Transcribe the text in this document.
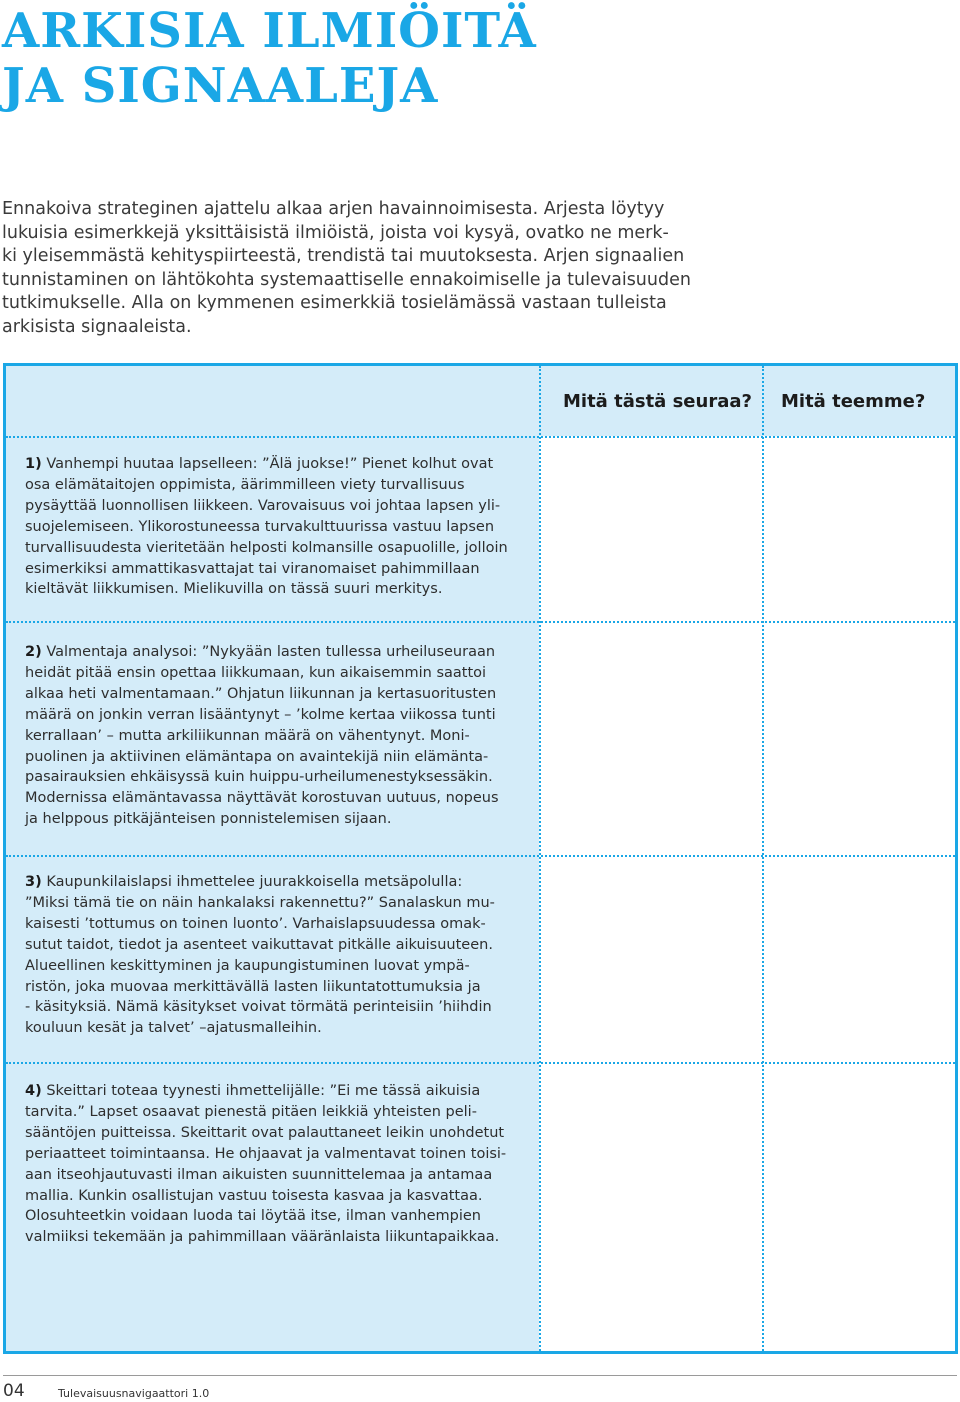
ARKISIA ILMIÖITÄ
JA SIGNAALEJA

Ennakoiva strateginen ajattelu alkaa arjen havainnoimisesta. Arjesta löytyy
lukuisia esimerkkejä yksittäisistä ilmiöistä, joista voi kysyä, ovatko ne merk-
ki yleisemmästä kehityspiirteestä, trendistä tai muutoksesta. Arjen signaalien
tunnistaminen on lähtökohta systemaattiselle ennakoimiselle ja tulevaisuuden
tutkimukselle. Alla on kymmenen esimerkkiä tosielämässä vastaan tulleista
arkisista signaaleista.

Mitä tästä seuraa? Mitä teemme?
1) Vanhempi huutaa lapselleen: ”Älä juokse!” Pienet kolhut ovat
osa elämätaitojen oppimista, äärimmilleen viety turvallisuus
pysäyttää luonnollisen liikkeen. Varovaisuus voi johtaa lapsen yli-
suojelemiseen. Ylikorostuneessa turvakulttuurissa vastuu lapsen
turvallisuudesta vieritetään helposti kolmansille osapuolille, jolloin
esimerkiksi ammattikasvattajat tai viranomaiset pahimmillaan
kieltävät liikkumisen. Mielikuvilla on tässä suuri merkitys.
2) Valmentaja analysoi: ”Nykyään lasten tullessa urheiluseuraan
heidät pitää ensin opettaa liikkumaan, kun aikaisemmin saattoi
alkaa heti valmentamaan.” Ohjatun liikunnan ja kertasuoritusten
määrä on jonkin verran lisääntynyt – ’kolme kertaa viikossa tunti
kerrallaan’ – mutta arkiliikunnan määrä on vähentynyt. Moni-
puolinen ja aktiivinen elämäntapa on avaintekijä niin elämänta-
pasairauksien ehkäisyssä kuin huippu-urheilumenestyksessäkin.
Modernissa elämäntavassa näyttävät korostuvan uutuus, nopeus
ja helppous pitkäjänteisen ponnistelemisen sijaan.
3) Kaupunkilaislapsi ihmettelee juurakkoisella metsäpolulla:
”Miksi tämä tie on näin hankalaksi rakennettu?” Sanalaskun mu-
kaisesti ’tottumus on toinen luonto’. Varhaislapsuudessa omak-
sutut taidot, tiedot ja asenteet vaikuttavat pitkälle aikuisuuteen.
Alueellinen keskittyminen ja kaupungistuminen luovat ympä-
ristön, joka muovaa merkittävällä lasten liikuntatottumuksia ja
- käsityksiä. Nämä käsitykset voivat törmätä perinteisiin ’hiihdin
kouluun kesät ja talvet’ –ajatusmalleihin.
4) Skeittari toteaa tyynesti ihmettelijälle: ”Ei me tässä aikuisia
tarvita.” Lapset osaavat pienestä pitäen leikkiä yhteisten peli-
sääntöjen puitteissa. Skeittarit ovat palauttaneet leikin unohdetut
periaatteet toimintaansa. He ohjaavat ja valmentavat toinen toisi-
aan itseohjautuvasti ilman aikuisten suunnittelemaa ja antamaa
mallia. Kunkin osallistujan vastuu toisesta kasvaa ja kasvattaa.
Olosuhteetkin voidaan luoda tai löytää itse, ilman vanhempien
valmiiksi tekemään ja pahimmillaan vääränlaista liikuntapaikkaa.
04	Tulevaisuusnavigaattori 1.0
